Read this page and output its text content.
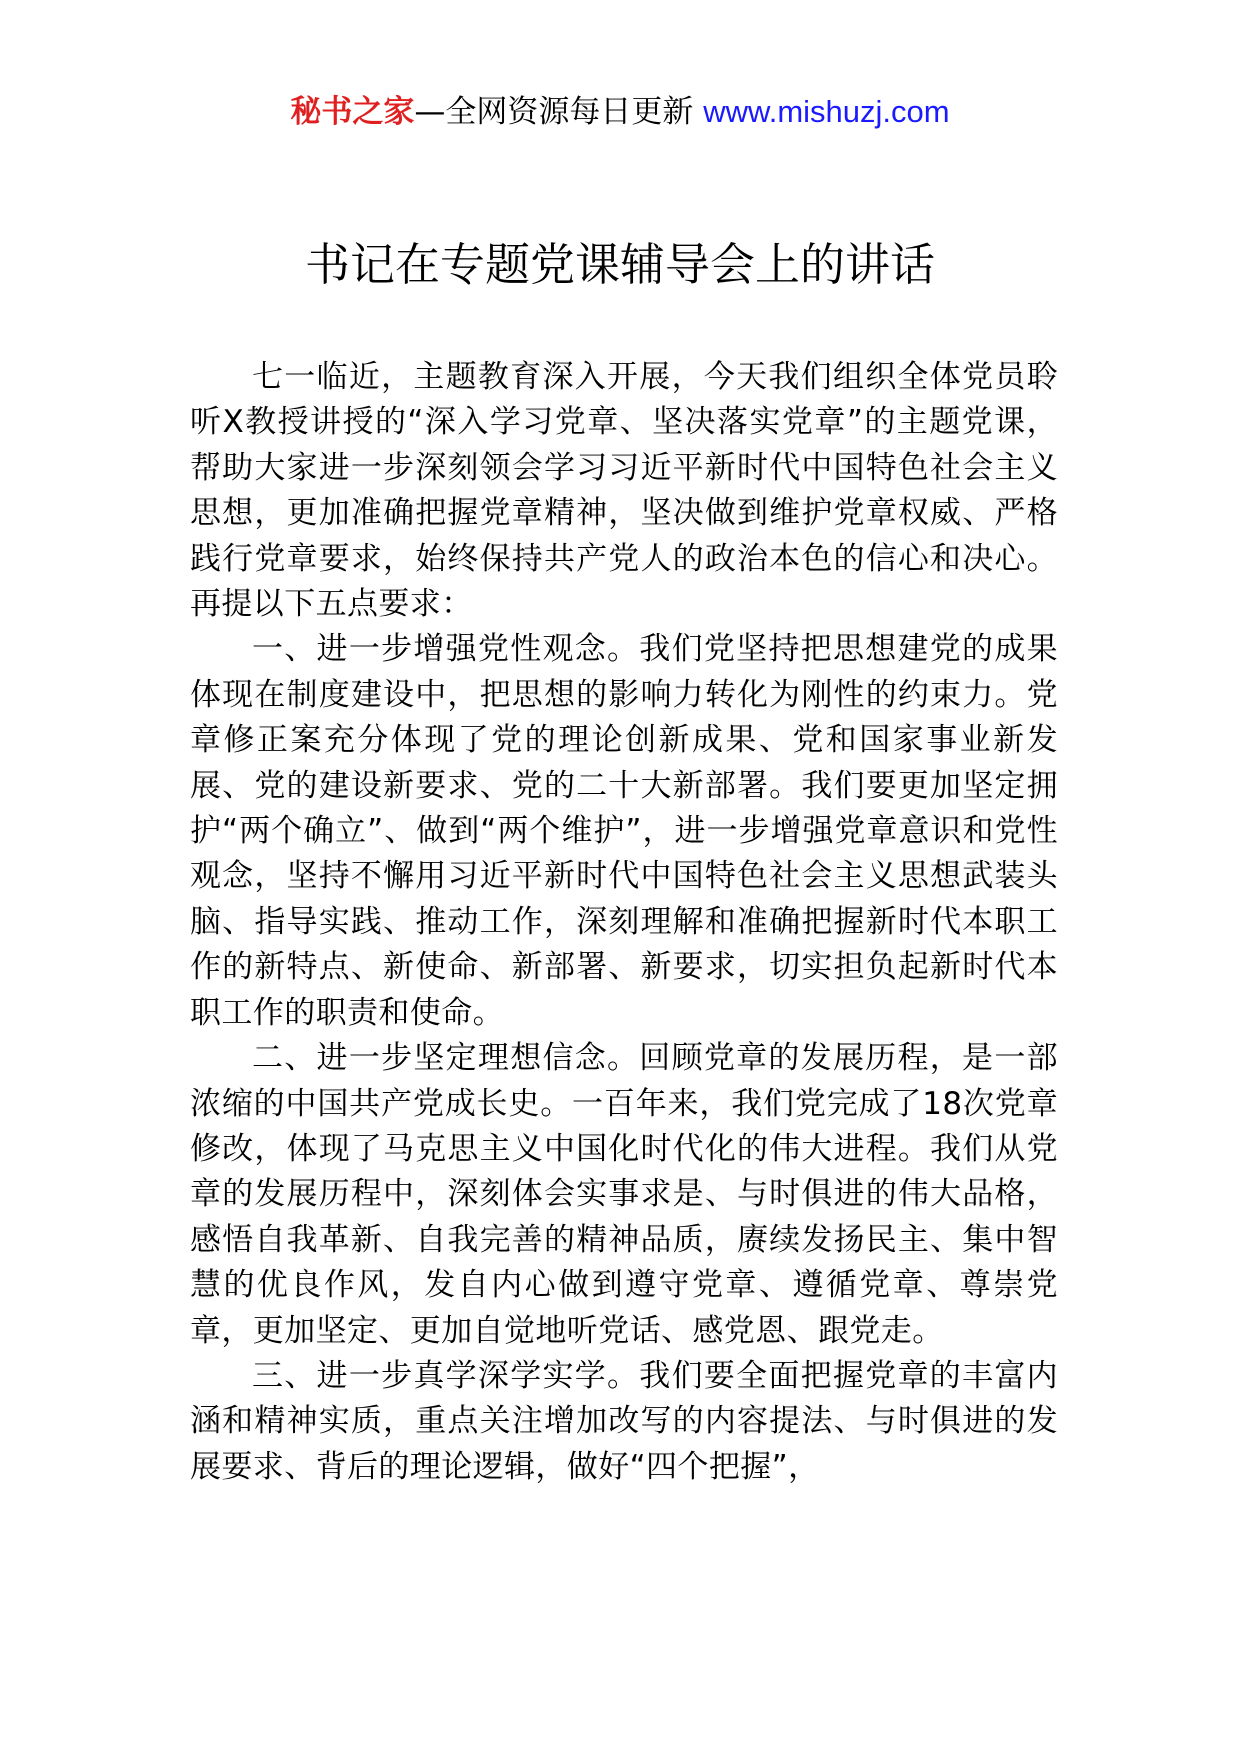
秘书之家—全网资源每日更新 www.mishuzj.com
书记在专题党课辅导会上的讲话

七一临近，主题教育深入开展，今天我们组织全体党员聆听X教授讲授的“深入学习党章、坚决落实党章”的主题党课，帮助大家进一步深刻领会学习习近平新时代中国特色社会主义思想，更加准确把握党章精神，坚决做到维护党章权威、严格践行党章要求，始终保持共产党人的政治本色的信心和决心。再提以下五点要求：

一、进一步增强党性观念。我们党坚持把思想建党的成果体现在制度建设中，把思想的影响力转化为刚性的约束力。党章修正案充分体现了党的理论创新成果、党和国家事业新发展、党的建设新要求、党的二十大新部署。我们要更加坚定拥护“两个确立”、做到“两个维护”，进一步增强党章意识和党性观念，坚持不懈用习近平新时代中国特色社会主义思想武装头脑、指导实践、推动工作，深刻理解和准确把握新时代本职工作的新特点、新使命、新部署、新要求，切实担负起新时代本职工作的职责和使命。

二、进一步坚定理想信念。回顾党章的发展历程，是一部浓缩的中国共产党成长史。一百年来，我们党完成了18次党章修改，体现了马克思主义中国化时代化的伟大进程。我们从党章的发展历程中，深刻体会实事求是、与时俱进的伟大品格，感悟自我革新、自我完善的精神品质，赓续发扬民主、集中智慧的优良作风，发自内心做到遵守党章、遵循党章、尊崇党章，更加坚定、更加自觉地听党话、感党恩、跟党走。

三、进一步真学深学实学。我们要全面把握党章的丰富内涵和精神实质，重点关注增加改写的内容提法、与时俱进的发展要求、背后的理论逻辑，做好“四个把握”，
